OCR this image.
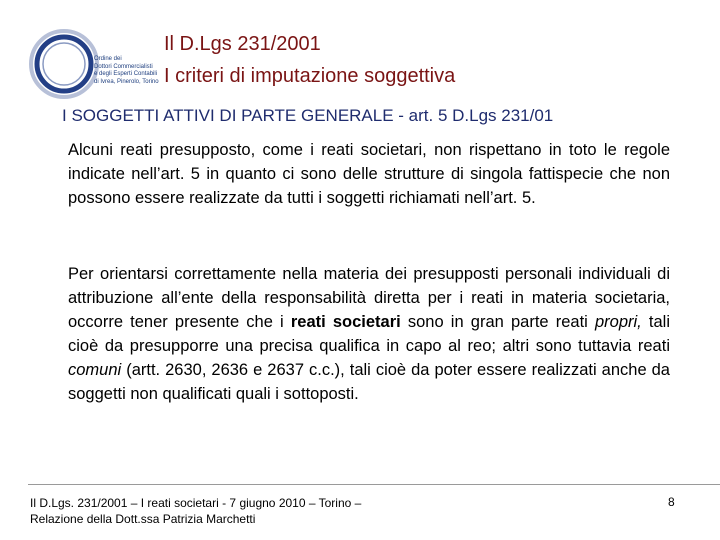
Ordine dei
Dottori Commercialisti
e degli Esperti Contabili
di Ivrea, Pinerolo, Torino
Il D.Lgs 231/2001
I criteri di imputazione soggettiva
I SOGGETTI ATTIVI DI PARTE GENERALE - art. 5 D.Lgs 231/01
Alcuni reati presupposto, come i reati societari, non rispettano in toto le regole indicate nell’art. 5 in quanto ci sono delle strutture di singola fattispecie che non possono essere realizzate da tutti i soggetti richiamati nell’art. 5.
Per orientarsi correttamente nella materia dei presupposti personali individuali di attribuzione all’ente della responsabilità diretta per i reati in materia societaria, occorre tener presente che i reati societari sono in gran parte reati propri, tali cioè da presupporre una precisa qualifica in capo al reo; altri sono tuttavia reati comuni (artt. 2630, 2636 e 2637 c.c.), tali cioè da poter essere realizzati anche da soggetti non qualificati quali i sottoposti.
Il D.Lgs. 231/2001 – I reati societari - 7 giugno 2010 – Torino –
Relazione della Dott.ssa Patrizia Marchetti
8
